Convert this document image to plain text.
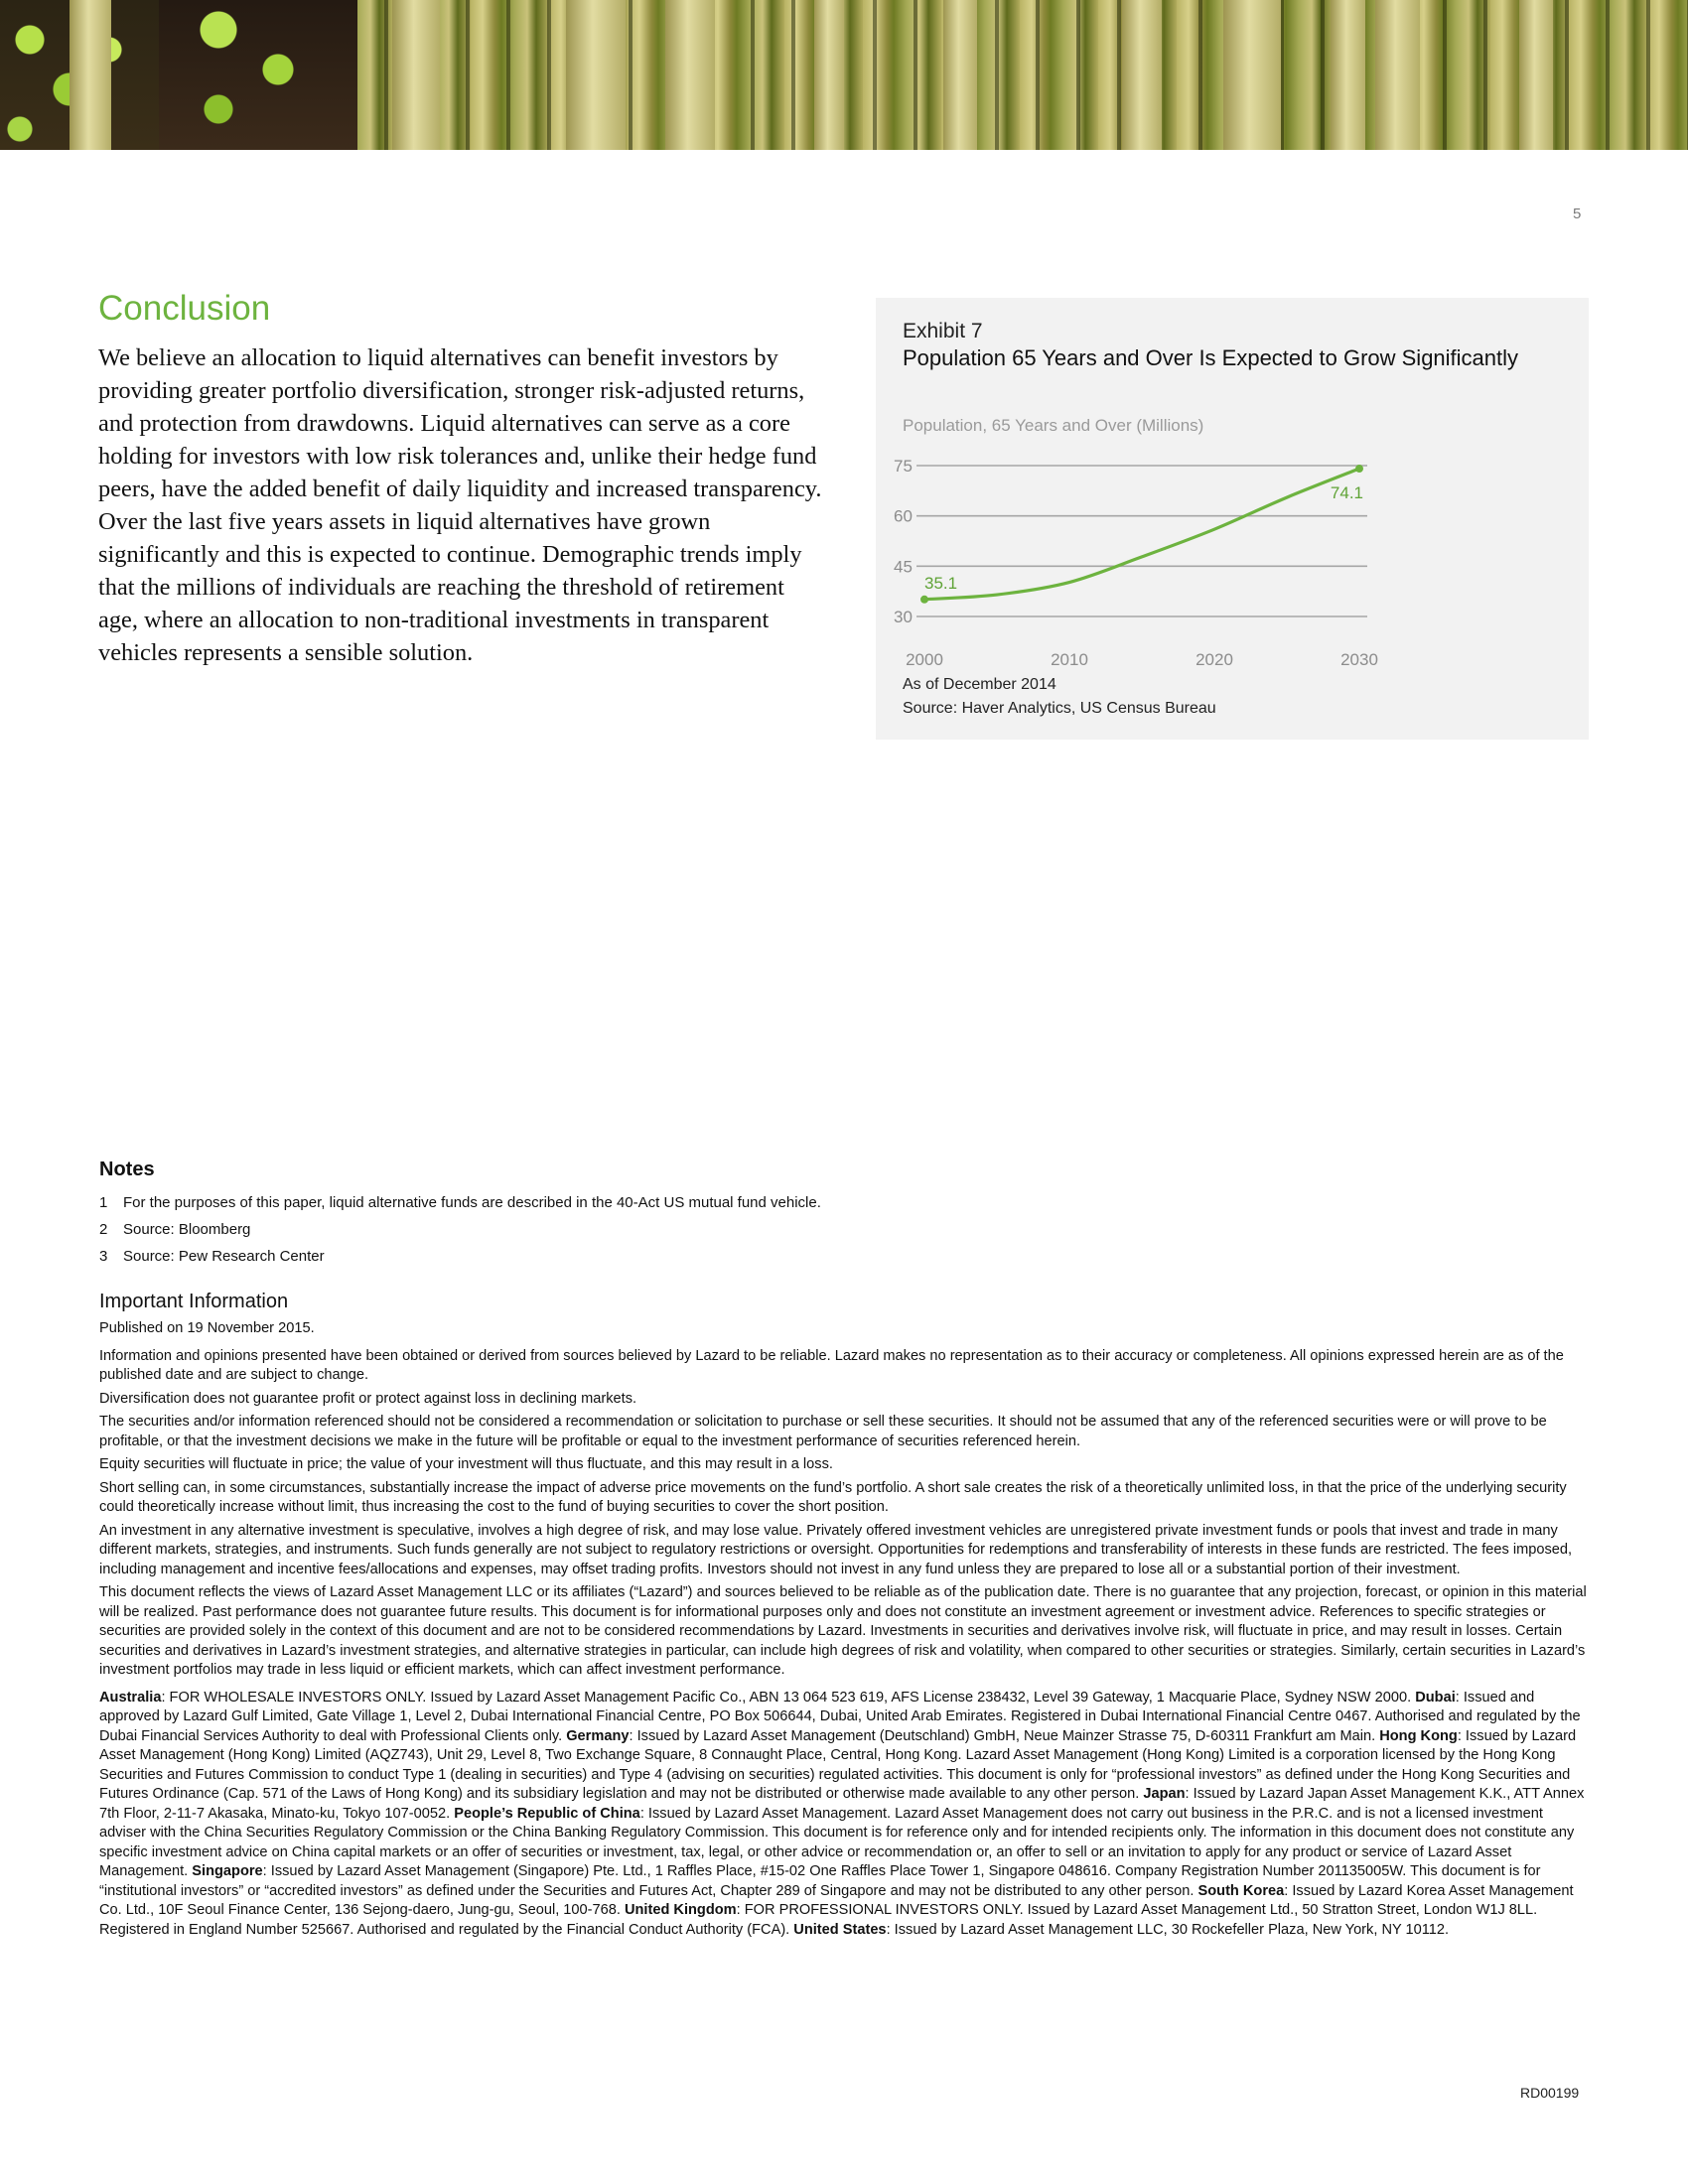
5
Conclusion

We believe an allocation to liquid alternatives can benefit investors by providing greater portfolio diversification, stronger risk-adjusted returns, and protection from drawdowns. Liquid alternatives can serve as a core holding for investors with low risk tolerances and, unlike their hedge fund peers, have the added benefit of daily liquidity and increased transparency. Over the last five years assets in liquid alternatives have grown significantly and this is expected to continue. Demographic trends imply that the millions of individuals are reaching the threshold of retirement age, where an allocation to non-traditional investments in transparent vehicles represents a sensible solution.

Exhibit 7
Population 65 Years and Over Is Expected to Grow Significantly
Population, 65 Years and Over (Millions)
30
45
60
75
2000	2010	2020	2030
35.1
74.1
As of December 2014
Source: Haver Analytics, US Census Bureau
Notes
1	For the purposes of this paper, liquid alternative funds are described in the 40-Act US mutual fund vehicle.
2	Source: Bloomberg
3	Source: Pew Research Center
Important Information

Published on 19 November 2015.

Information and opinions presented have been obtained or derived from sources believed by Lazard to be reliable. Lazard makes no representation as to their accuracy or completeness. All opinions expressed herein are as of the published date and are subject to change.

Diversification does not guarantee profit or protect against loss in declining markets.

The securities and/or information referenced should not be considered a recommendation or solicitation to purchase or sell these securities. It should not be assumed that any of the referenced securities were or will prove to be profitable, or that the investment decisions we make in the future will be profitable or equal to the investment performance of securities referenced herein.

Equity securities will fluctuate in price; the value of your investment will thus fluctuate, and this may result in a loss.

Short selling can, in some circumstances, substantially increase the impact of adverse price movements on the fund’s portfolio. A short sale creates the risk of a theoretically unlimited loss, in that the price of the underlying security could theoretically increase without limit, thus increasing the cost to the fund of buying securities to cover the short position.

An investment in any alternative investment is speculative, involves a high degree of risk, and may lose value. Privately offered investment vehicles are unregistered private investment funds or pools that invest and trade in many different markets, strategies, and instruments. Such funds generally are not subject to regulatory restrictions or oversight. Opportunities for redemptions and transferability of interests in these funds are restricted. The fees imposed, including management and incentive fees/allocations and expenses, may offset trading profits. Investors should not invest in any fund unless they are prepared to lose all or a substantial portion of their investment.

This document reflects the views of Lazard Asset Management LLC or its affiliates (“Lazard”) and sources believed to be reliable as of the publication date. There is no guarantee that any projection, forecast, or opinion in this material will be realized. Past performance does not guarantee future results. This document is for informational purposes only and does not constitute an investment agreement or investment advice. References to specific strategies or securities are provided solely in the context of this document and are not to be considered recommendations by Lazard. Investments in securities and derivatives involve risk, will fluctuate in price, and may result in losses. Certain securities and derivatives in Lazard’s investment strategies, and alternative strategies in particular, can include high degrees of risk and volatility, when compared to other securities or strategies. Similarly, certain securities in Lazard’s investment portfolios may trade in less liquid or efficient markets, which can affect investment performance.

Australia: FOR WHOLESALE INVESTORS ONLY. Issued by Lazard Asset Management Pacific Co., ABN 13 064 523 619, AFS License 238432, Level 39 Gateway, 1 Macquarie Place, Sydney NSW 2000. Dubai: Issued and approved by Lazard Gulf Limited, Gate Village 1, Level 2, Dubai International Financial Centre, PO Box 506644, Dubai, United Arab Emirates. Registered in Dubai International Financial Centre 0467. Authorised and regulated by the Dubai Financial Services Authority to deal with Professional Clients only. Germany: Issued by Lazard Asset Management (Deutschland) GmbH, Neue Mainzer Strasse 75, D-60311 Frankfurt am Main. Hong Kong: Issued by Lazard Asset Management (Hong Kong) Limited (AQZ743), Unit 29, Level 8, Two Exchange Square, 8 Connaught Place, Central, Hong Kong. Lazard Asset Management (Hong Kong) Limited is a corporation licensed by the Hong Kong Securities and Futures Commission to conduct Type 1 (dealing in securities) and Type 4 (advising on securities) regulated activities. This document is only for “professional investors” as defined under the Hong Kong Securities and Futures Ordinance (Cap. 571 of the Laws of Hong Kong) and its subsidiary legislation and may not be distributed or otherwise made available to any other person. Japan: Issued by Lazard Japan Asset Management K.K., ATT Annex 7th Floor, 2-11-7 Akasaka, Minato-ku, Tokyo 107-0052. People’s Republic of China: Issued by Lazard Asset Management. Lazard Asset Management does not carry out business in the P.R.C. and is not a licensed investment adviser with the China Securities Regulatory Commission or the China Banking Regulatory Commission. This document is for reference only and for intended recipients only. The information in this document does not constitute any specific investment advice on China capital markets or an offer of securities or investment, tax, legal, or other advice or recommendation or, an offer to sell or an invitation to apply for any product or service of Lazard Asset Management. Singapore: Issued by Lazard Asset Management (Singapore) Pte. Ltd., 1 Raffles Place, #15-02 One Raffles Place Tower 1, Singapore 048616. Company Registration Number 201135005W. This document is for “institutional investors” or “accredited investors” as defined under the Securities and Futures Act, Chapter 289 of Singapore and may not be distributed to any other person. South Korea: Issued by Lazard Korea Asset Management Co. Ltd., 10F Seoul Finance Center, 136 Sejong-daero, Jung-gu, Seoul, 100-768. United Kingdom: FOR PROFESSIONAL INVESTORS ONLY. Issued by Lazard Asset Management Ltd., 50 Stratton Street, London W1J 8LL. Registered in England Number 525667. Authorised and regulated by the Financial Conduct Authority (FCA). United States: Issued by Lazard Asset Management LLC, 30 Rockefeller Plaza, New York, NY 10112.

RD00199
